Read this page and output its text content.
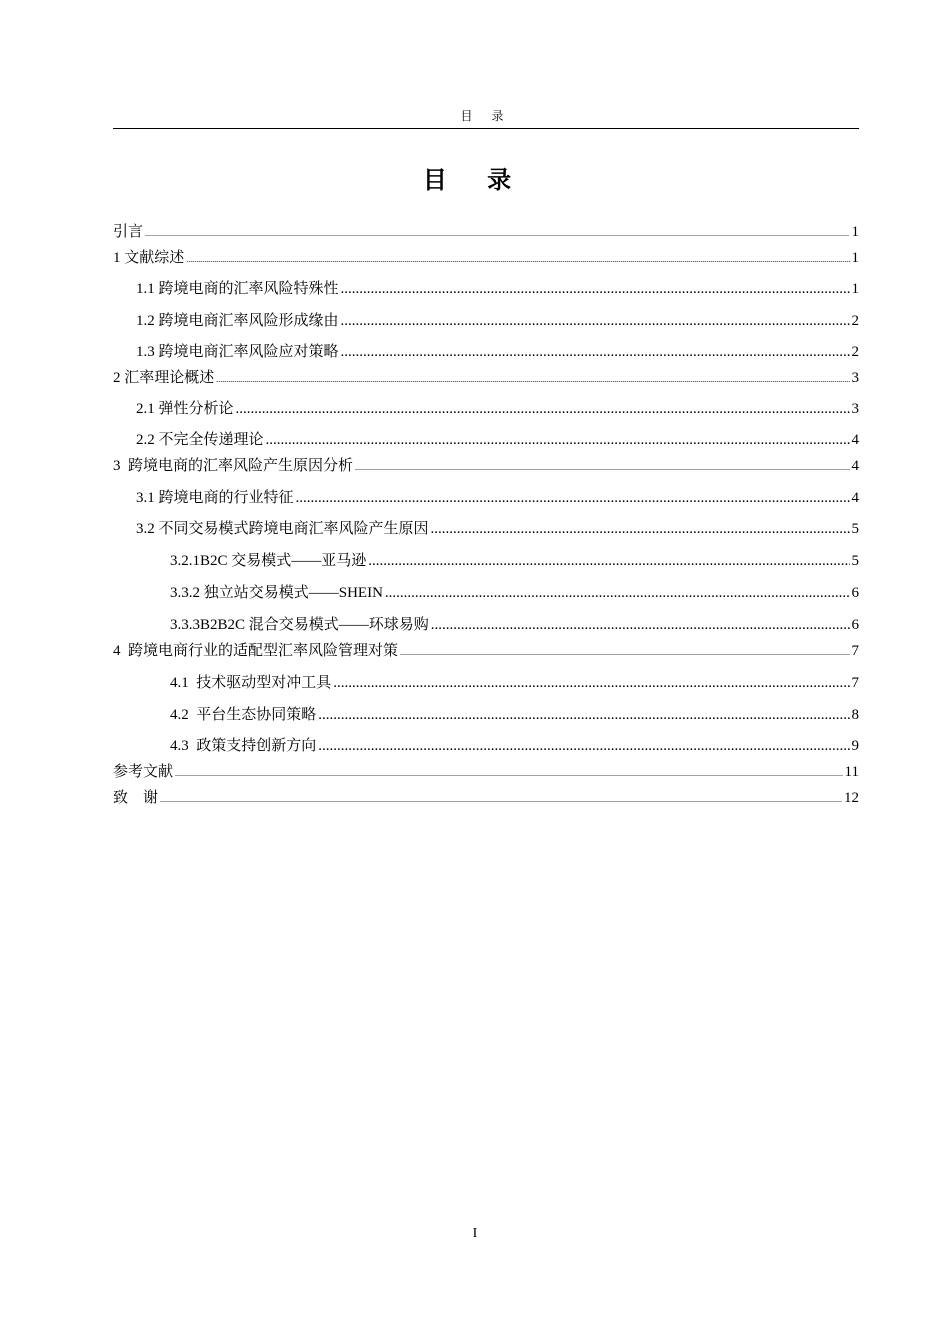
目 录
目 录
引言 .....	1
1 文献综述 .....	1
1.1 跨境电商的汇率风险特殊性 .....	1
1.2 跨境电商汇率风险形成缘由 .....	2
1.3 跨境电商汇率风险应对策略 .....	2
2 汇率理论概述 .....	3
2.1 弹性分析论 .....	3
2.2 不完全传递理论 .....	4
3  跨境电商的汇率风险产生原因分析 .....	4
3.1 跨境电商的行业特征 .....	4
3.2 不同交易模式跨境电商汇率风险产生原因 .....	5
3.2.1B2C 交易模式——亚马逊 .....	5
3.3.2 独立站交易模式——SHEIN .....	6
3.3.3B2B2C 混合交易模式——环球易购 .....	6
4  跨境电商行业的适配型汇率风险管理对策 .....	7
4.1  技术驱动型对冲工具 .....	7
4.2  平台生态协同策略 .....	8
4.3  政策支持创新方向 .....	9
参考文献 .....	11
致    谢 .....	12
I
